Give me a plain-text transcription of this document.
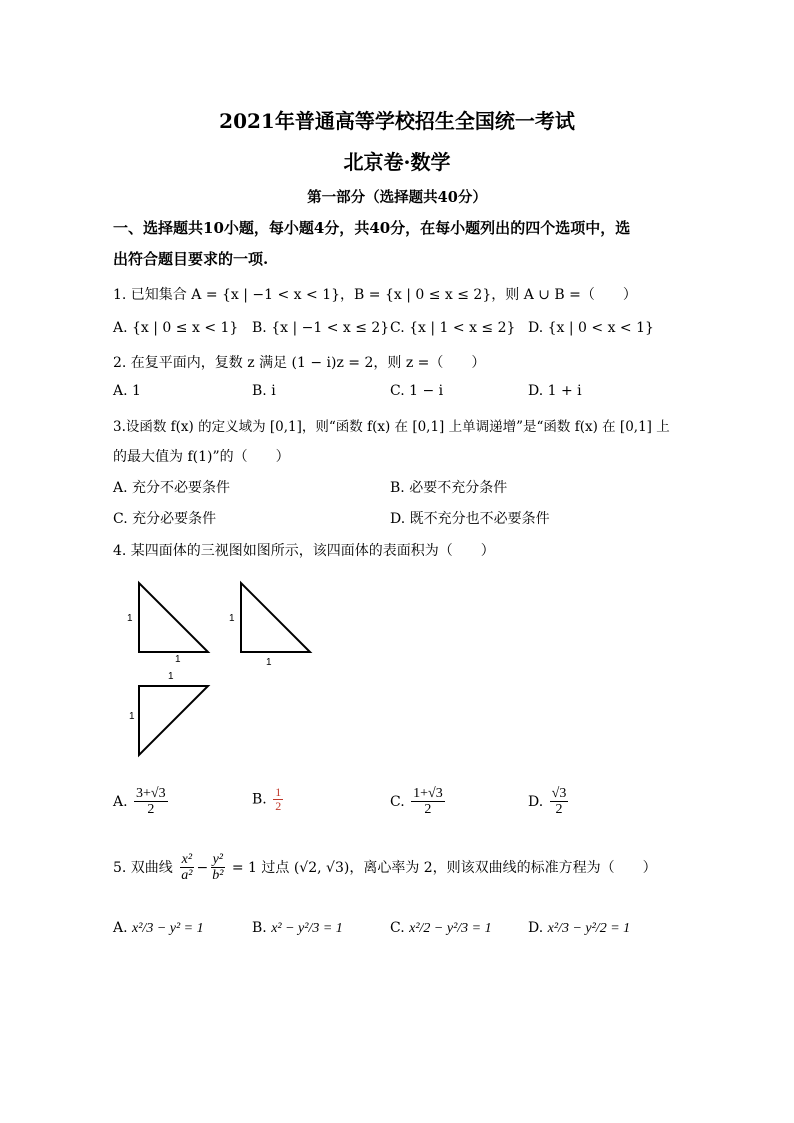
2021年普通高等学校招生全国统一考试
北京卷·数学
第一部分（选择题共40分）
一、选择题共10小题，每小题4分，共40分，在每小题列出的四个选项中，选
出符合题目要求的一项.
1. 已知集合 A = {x | −1 < x < 1}，B = {x | 0 ≤ x ≤ 2}，则 A ∪ B =（　　）
A. {x | 0 ≤ x < 1} B. {x | −1 < x ≤ 2} C. {x | 1 < x ≤ 2} D. {x | 0 < x < 1}
2. 在复平面内，复数 z 满足 (1 − i)z = 2，则 z =（　　）
A. 1	B. i	C. 1 − i	D. 1 + i
3.设函数 f(x) 的定义域为 [0,1]，则“函数 f(x) 在 [0,1] 上单调递增”是“函数 f(x) 在 [0,1] 上
的最大值为 f(1)”的（　　）
A. 充分不必要条件	B. 必要不充分条件
C. 充分必要条件	D. 既不充分也不必要条件
4. 某四面体的三视图如图所示，该四面体的表面积为（　　）
1
1
1
1
1
1
A. $\frac{3+√3}{2}$	B. $\frac{1}{2}$	C. $\frac{1+√3}{2}$	D. $\frac{√3}{2}$
5. 双曲线 $\frac{\text{x²}}{\text{a²}} - \frac{\text{y²}}{\text{b²}} = 1$ 过点 (√2, √3)，离心率为 2，则该双曲线的标准方程为（　　）
A. x²/3 − y² = 1	B. x² − y²/3 = 1	C. x²/2 − y²/3 = 1	D. x²/3 − y²/2 = 1
